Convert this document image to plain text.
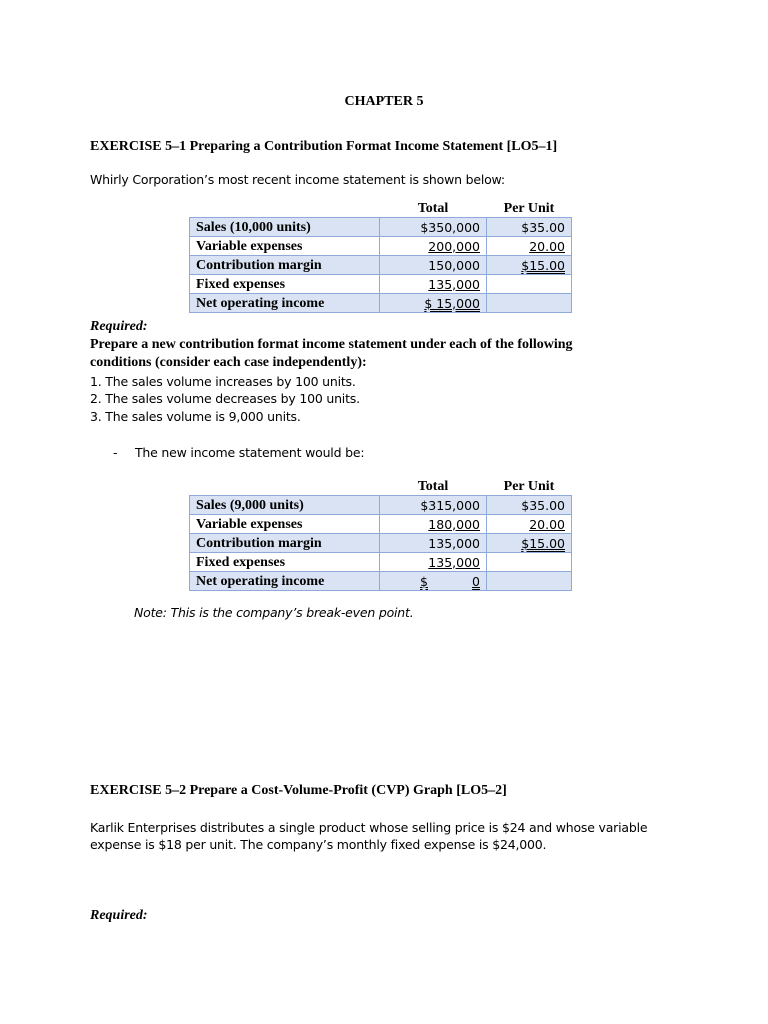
CHAPTER 5
EXERCISE 5–1 Preparing a Contribution Format Income Statement [LO5–1]
Whirly Corporation’s most recent income statement is shown below:
	Total	Per Unit
Sales (10,000 units)	$350,000	$35.00
Variable expenses	200,000	20.00
Contribution margin	150,000	$15.00
Fixed expenses	135,000	
Net operating income	$ 15,000	
Required:
Prepare a new contribution format income statement under each of the following
conditions (consider each case independently):
1. The sales volume increases by 100 units.
2. The sales volume decreases by 100 units.
3. The sales volume is 9,000 units.
- The new income statement would be:
	Total	Per Unit
Sales (9,000 units)	$315,000	$35.00
Variable expenses	180,000	20.00
Contribution margin	135,000	$15.00
Fixed expenses	135,000	
Net operating income	$ 0	
Note: This is the company’s break-even point.
EXERCISE 5–2 Prepare a Cost-Volume-Profit (CVP) Graph [LO5–2]
Karlik Enterprises distributes a single product whose selling price is $24 and whose variable
expense is $18 per unit. The company’s monthly fixed expense is $24,000.
Required:
